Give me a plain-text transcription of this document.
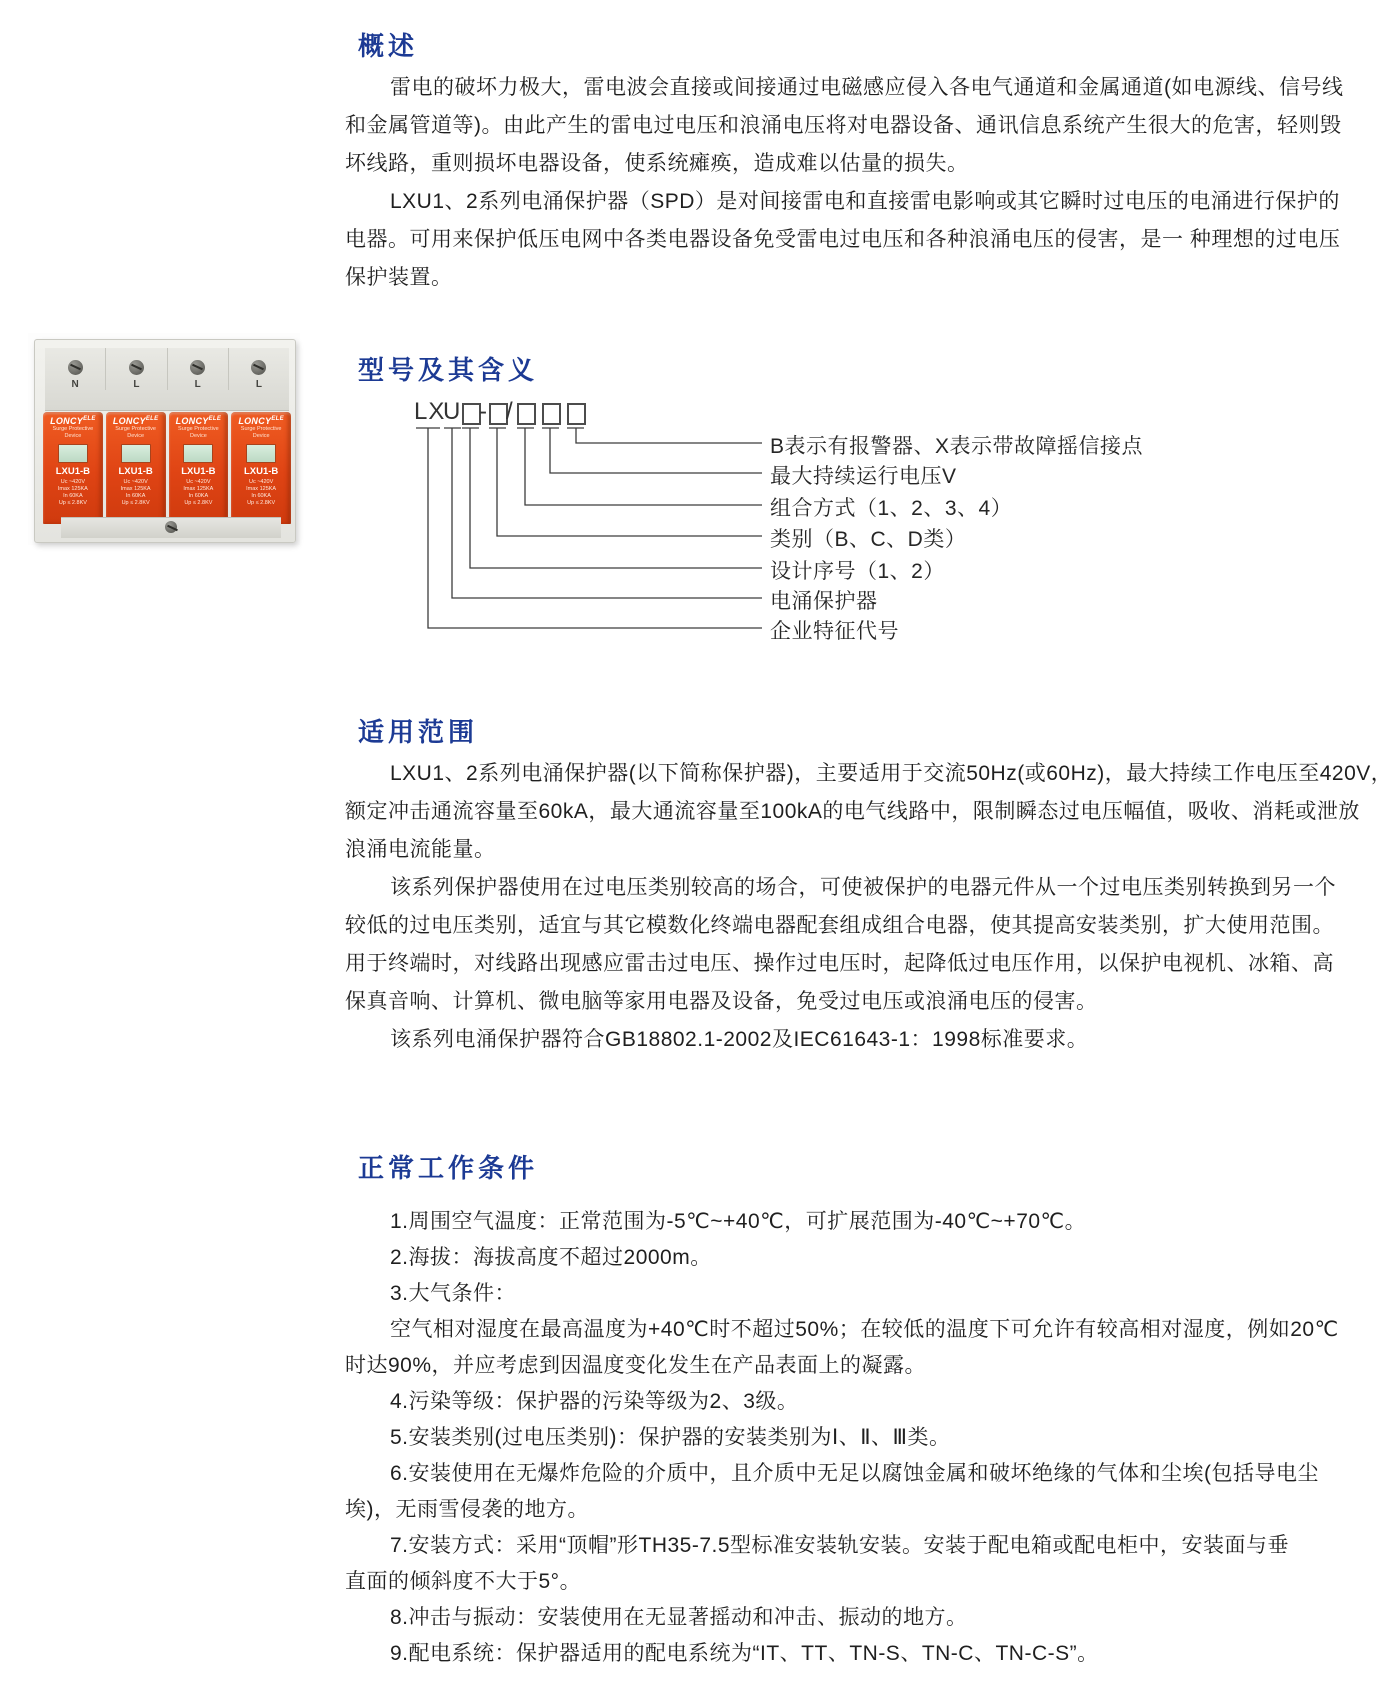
概述
雷电的破坏力极大，雷电波会直接或间接通过电磁感应侵入各电气通道和金属通道(如电源线、信号线
和金属管道等)。由此产生的雷电过电压和浪涌电压将对电器设备、通讯信息系统产生很大的危害，轻则毁
坏线路，重则损坏电器设备，使系统瘫痪，造成难以估量的损失。
LXU1、2系列电涌保护器（SPD）是对间接雷电和直接雷电影响或其它瞬时过电压的电涌进行保护的
电器。可用来保护低压电网中各类电器设备免受雷电过电压和各种浪涌电压的侵害，是一 种理想的过电压
保护装置。
N	L	L	L
$LONCY^{ELE}$
Surge Protective
Device
LXU1-B
Uc ~420V
Imax 125KA
In 60KA
Up ≤ 2.8KV
$LONCY^{ELE}$
Surge Protective
Device
LXU1-B
Uc ~420V
Imax 125KA
In 60KA
Up ≤ 2.8KV
$LONCY^{ELE}$
Surge Protective
Device
LXU1-B
Uc ~420V
Imax 125KA
In 60KA
Up ≤ 2.8KV
$LONCY^{ELE}$
Surge Protective
Device
LXU1-B
Uc ~420V
Imax 125KA
In 60KA
Up ≤ 2.8KV
型号及其含义
LX
U - /
B表示有报警器、X表示带故障摇信接点
最大持续运行电压V
组合方式（1、2、3、4）
类别（B、C、D类）
设计序号（1、2）
电涌保护器
企业特征代号
适用范围
LXU1、2系列电涌保护器(以下简称保护器)，主要适用于交流50Hz(或60Hz)，最大持续工作电压至420V，
额定冲击通流容量至60kA，最大通流容量至100kA的电气线路中，限制瞬态过电压幅值，吸收、消耗或泄放
浪涌电流能量。
该系列保护器使用在过电压类别较高的场合，可使被保护的电器元件从一个过电压类别转换到另一个
较低的过电压类别，适宜与其它模数化终端电器配套组成组合电器，使其提高安装类别，扩大使用范围。
用于终端时，对线路出现感应雷击过电压、操作过电压时，起降低过电压作用，以保护电视机、冰箱、高
保真音响、计算机、微电脑等家用电器及设备，免受过电压或浪涌电压的侵害。
该系列电涌保护器符合GB18802.1-2002及IEC61643-1：1998标准要求。
正常工作条件
1.周围空气温度：正常范围为-5℃~+40℃，可扩展范围为-40℃~+70℃。
2.海拔：海拔高度不超过2000m。
3.大气条件：
空气相对湿度在最高温度为+40℃时不超过50%；在较低的温度下可允许有较高相对湿度，例如20℃
时达90%，并应考虑到因温度变化发生在产品表面上的凝露。
4.污染等级：保护器的污染等级为2、3级。
5.安装类别(过电压类别)：保护器的安装类别为Ⅰ、Ⅱ、Ⅲ类。
6.安装使用在无爆炸危险的介质中，且介质中无足以腐蚀金属和破坏绝缘的气体和尘埃(包括导电尘
埃)，无雨雪侵袭的地方。
7.安装方式：采用“顶帽”形TH35-7.5型标准安装轨安装。安装于配电箱或配电柜中，安装面与垂
直面的倾斜度不大于5°。
8.冲击与振动：安装使用在无显著摇动和冲击、振动的地方。
9.配电系统：保护器适用的配电系统为“IT、TT、TN-S、TN-C、TN-C-S”。
